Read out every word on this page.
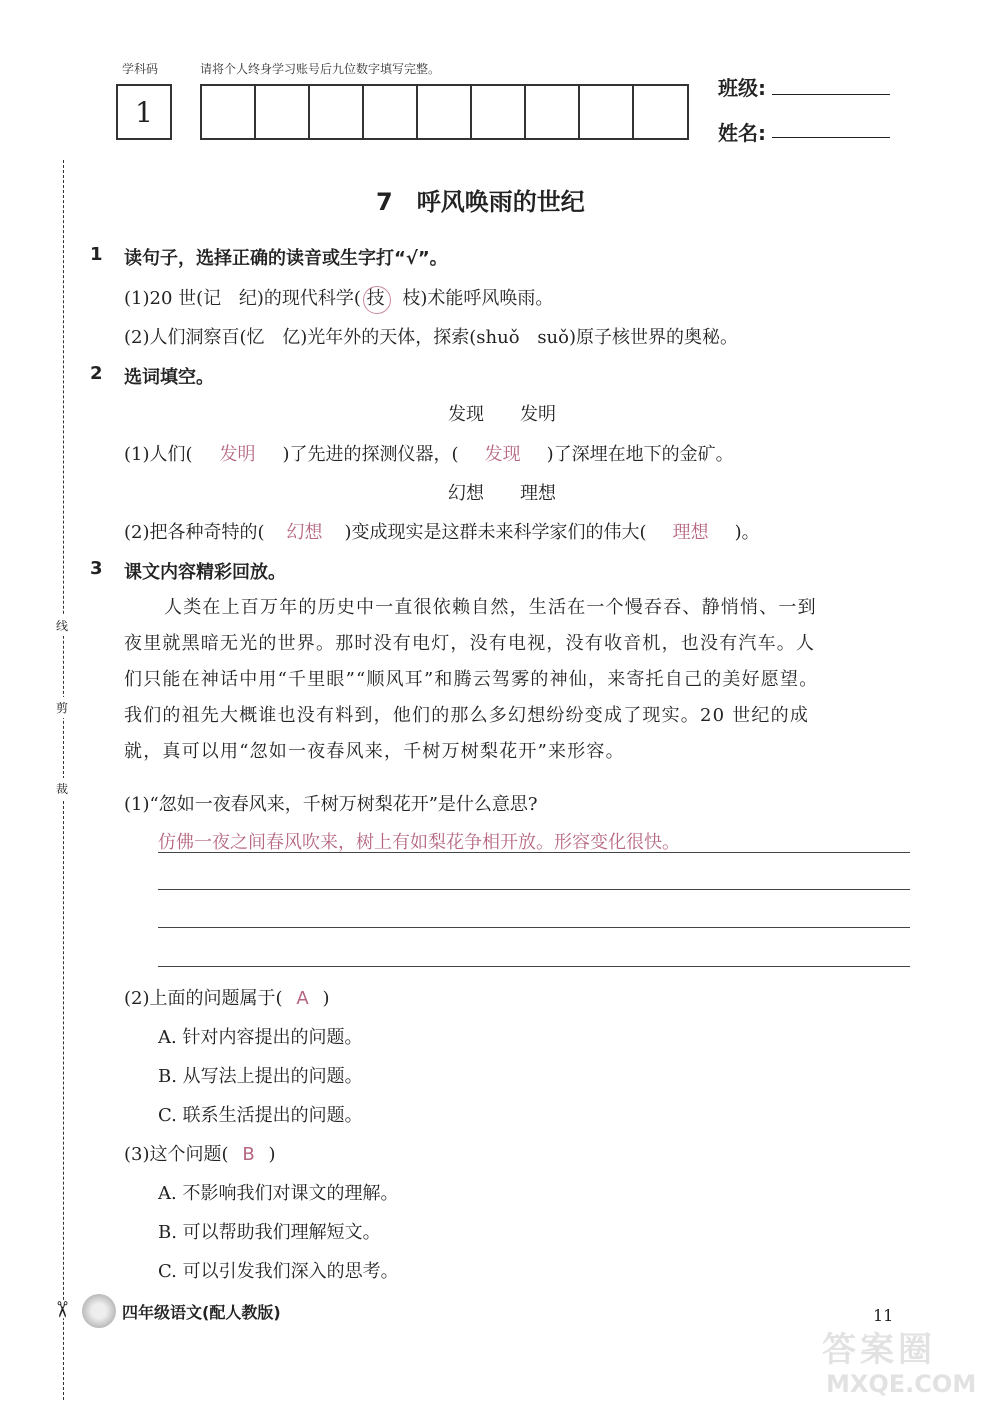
学科码	请将个人终身学习账号后九位数字填写完整。
1
班级:
姓名:
线
剪
裁
✂
7　呼风唤雨的世纪
1 读句子，选择正确的读音或生字打“√”。
(1)20 世(记 纪)的现代科学( 技 枝)术能呼风唤雨。
(2)人们洞察百(忆 亿)光年外的天体，探索(shuǒ suǒ)原子核世界的奥秘。
2 选词填空。
发现　　发明
(1)人们( 发明 )了先进的探测仪器，( 发现 )了深埋在地下的金矿。
幻想　　理想
(2)把各种奇特的( 幻想 )变成现实是这群未来科学家们的伟大( 理想 )。
3 课文内容精彩回放。
人类在上百万年的历史中一直很依赖自然，生活在一个慢吞吞、静悄悄、一到
夜里就黑暗无光的世界。那时没有电灯，没有电视，没有收音机，也没有汽车。人
们只能在神话中用“千里眼”“顺风耳”和腾云驾雾的神仙，来寄托自己的美好愿望。
我们的祖先大概谁也没有料到，他们的那么多幻想纷纷变成了现实。20 世纪的成
就，真可以用“忽如一夜春风来，千树万树梨花开”来形容。
(1)“忽如一夜春风来，千树万树梨花开”是什么意思?
仿佛一夜之间春风吹来，树上有如梨花争相开放。形容变化很快。
(2)上面的问题属于( A )
A. 针对内容提出的问题。
B. 从写法上提出的问题。
C. 联系生活提出的问题。
(3)这个问题( B )
A. 不影响我们对课文的理解。
B. 可以帮助我们理解短文。
C. 可以引发我们深入的思考。
四年级语文(配人教版)	11
答案圈
MXQE.COM
